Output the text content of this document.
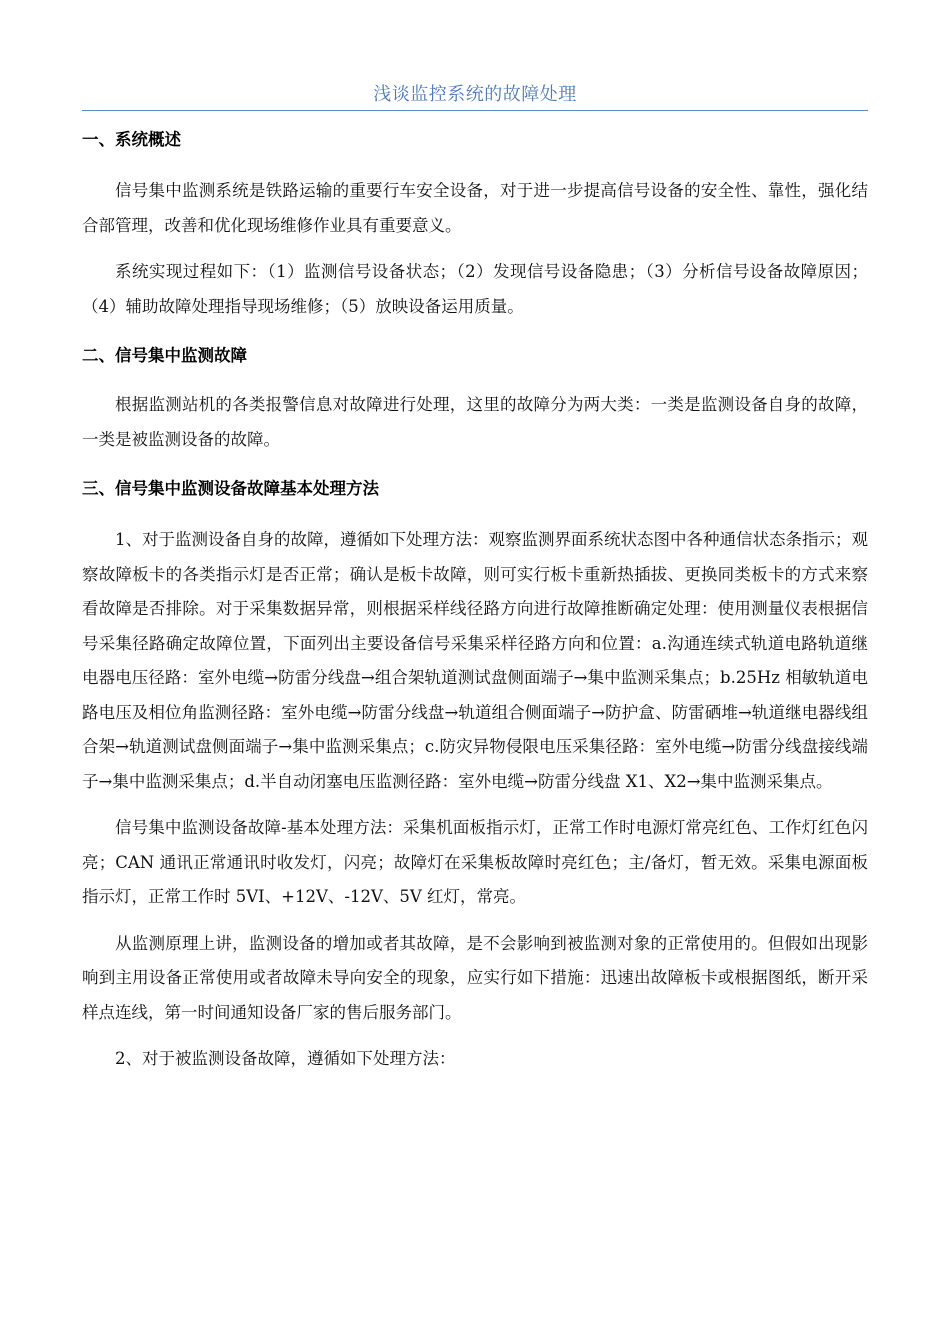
浅谈监控系统的故障处理
一、系统概述

信号集中监测系统是铁路运输的重要行车安全设备，对于进一步提高信号设备的安全性、靠性，强化结合部管理，改善和优化现场维修作业具有重要意义。

系统实现过程如下：（1）监测信号设备状态；（2）发现信号设备隐患；（3）分析信号设备故障原因；（4）辅助故障处理指导现场维修；（5）放映设备运用质量。

二、信号集中监测故障

根据监测站机的各类报警信息对故障进行处理，这里的故障分为两大类：一类是监测设备自身的故障，一类是被监测设备的故障。

三、信号集中监测设备故障基本处理方法

1、对于监测设备自身的故障，遵循如下处理方法：观察监测界面系统状态图中各种通信状态条指示；观察故障板卡的各类指示灯是否正常；确认是板卡故障，则可实行板卡重新热插拔、更换同类板卡的方式来察看故障是否排除。对于采集数据异常，则根据采样线径路方向进行故障推断确定处理：使用测量仪表根据信号采集径路确定故障位置，下面列出主要设备信号采集采样径路方向和位置：a.沟通连续式轨道电路轨道继电器电压径路：室外电缆→防雷分线盘→组合架轨道测试盘侧面端子→集中监测采集点；b.25Hz 相敏轨道电路电压及相位角监测径路：室外电缆→防雷分线盘→轨道组合侧面端子→防护盒、防雷硒堆→轨道继电器线组合架→轨道测试盘侧面端子→集中监测采集点；c.防灾异物侵限电压采集径路：室外电缆→防雷分线盘接线端子→集中监测采集点；d.半自动闭塞电压监测径路：室外电缆→防雷分线盘 X1、X2→集中监测采集点。

信号集中监测设备故障-基本处理方法：采集机面板指示灯，正常工作时电源灯常亮红色、工作灯红色闪亮；CAN 通讯正常通讯时收发灯，闪亮；故障灯在采集板故障时亮红色；主/备灯，暂无效。采集电源面板指示灯，正常工作时 5VI、+12V、-12V、5V 红灯，常亮。

从监测原理上讲，监测设备的增加或者其故障，是不会影响到被监测对象的正常使用的。但假如出现影响到主用设备正常使用或者故障未导向安全的现象，应实行如下措施：迅速出故障板卡或根据图纸，断开采样点连线，第一时间通知设备厂家的售后服务部门。

2、对于被监测设备故障，遵循如下处理方法：
